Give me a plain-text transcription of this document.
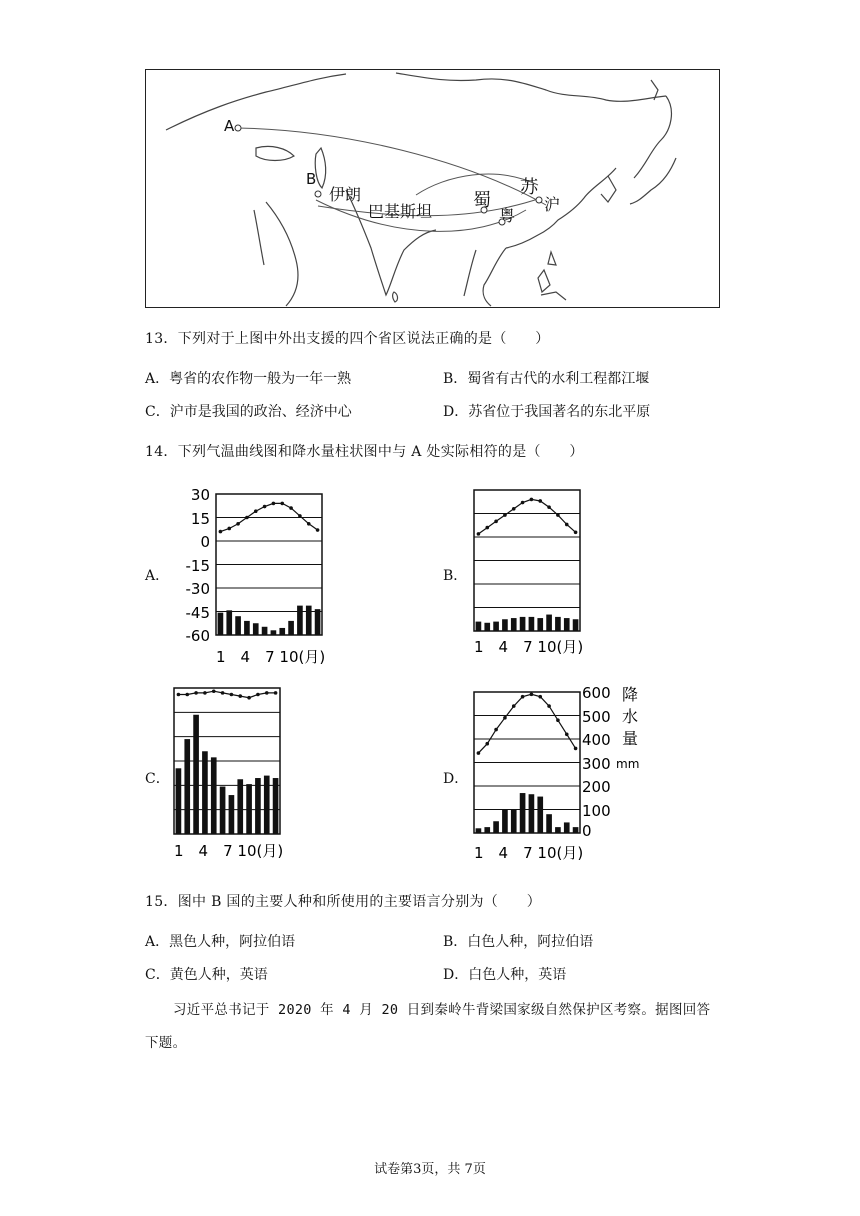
A
B
伊朗
巴基斯坦
蜀
苏
粤
沪
13．下列对于上图中外出支援的四个省区说法正确的是（　　）
A．粤省的农作物一般为一年一熟	B．蜀省有古代的水利工程都江堰
C．沪市是我国的政治、经济中心	D．苏省位于我国著名的东北平原
14．下列气温曲线图和降水量柱状图中与 A 处实际相符的是（　　）
A．	B．
C．	D．
30
15
0
-15
-30
-45
-60
1　4　7 10(月)
1　4　7 10(月)
1　4　7 10(月)
600
500
400
300
200
100
0
降
水
量
mm
1　4　7 10(月)
15．图中 B 国的主要人种和所使用的主要语言分别为（　　）
A．黑色人种，阿拉伯语	B．白色人种，阿拉伯语
C．黄色人种，英语	D．白色人种，英语
习近平总书记于 2020 年 4 月 20 日到秦岭牛背梁国家级自然保护区考察。据图回答
下题。
试卷第3页，共 7页
